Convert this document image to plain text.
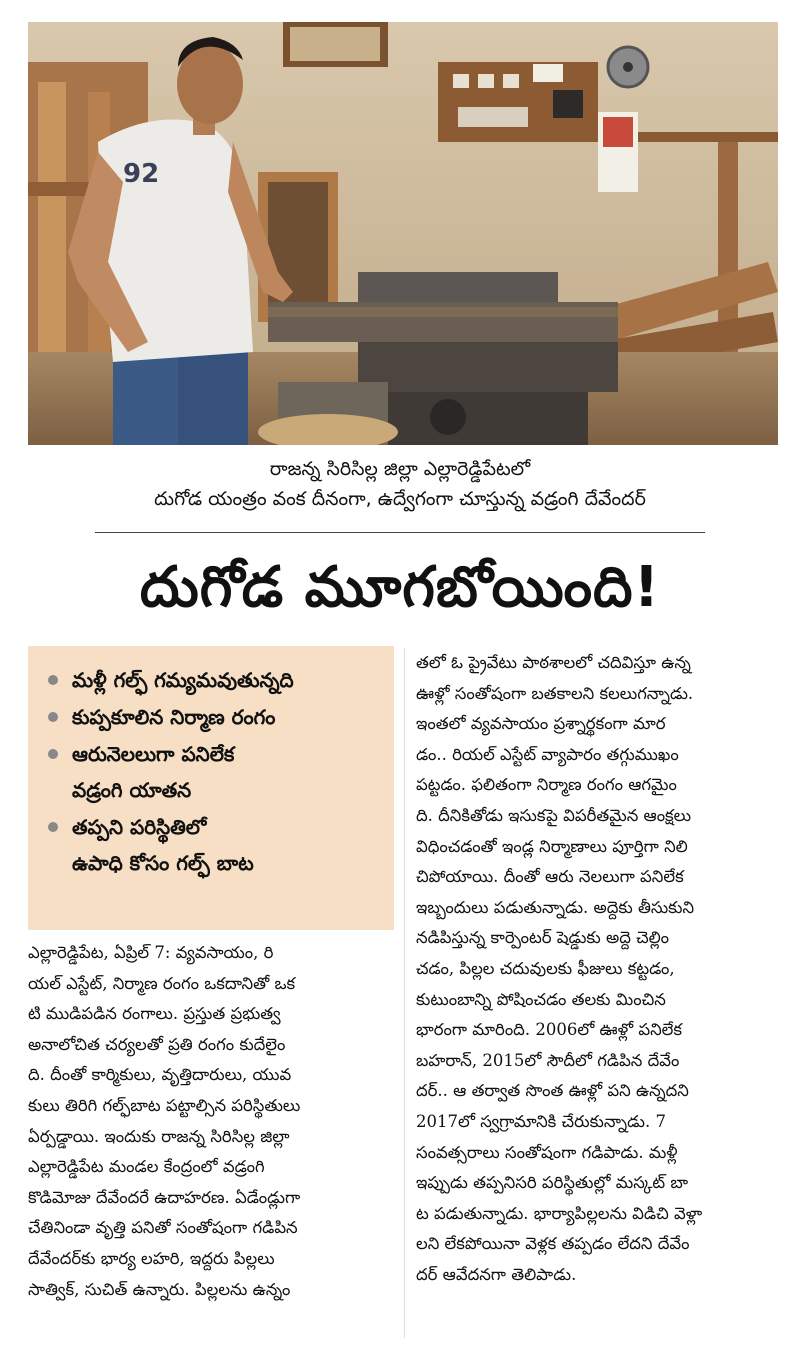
92
రాజన్న సిరిసిల్ల జిల్లా ఎల్లారెడ్డిపేటలో
దుగోడ యంత్రం వంక దీనంగా, ఉద్వేగంగా చూస్తున్న వడ్రంగి దేవేందర్
దుగోడ మూగబోయింది!
మళ్లీ గల్ఫ్ గమ్యమవుతున్నది
కుప్పకూలిన నిర్మాణ రంగం
ఆరునెలలుగా పనిలేక
వడ్రంగి యాతన
తప్పని పరిస్థితిలో
ఉపాధి కోసం గల్ఫ్ బాట

ఎల్లారెడ్డిపేట, ఏప్రిల్ 7: వ్యవసాయం, రి

యల్ ఎస్టేట్, నిర్మాణ రంగం ఒకదానితో ఒక

టి ముడిపడిన రంగాలు. ప్రస్తుత ప్రభుత్వ

అనాలోచిత చర్యలతో ప్రతి రంగం కుదేలైం

ది. దీంతో కార్మికులు, వృత్తిదారులు, యువ

కులు తిరిగి గల్ఫ్‌బాట పట్టాల్సిన పరిస్థితులు

ఏర్పడ్డాయి. ఇందుకు రాజన్న సిరిసిల్ల జిల్లా

ఎల్లారెడ్డిపేట మండల కేంద్రంలో వడ్రంగి

కొడిమోజు దేవేందరే ఉదాహరణ. ఏడేండ్లుగా

చేతినిండా వృత్తి పనితో సంతోషంగా గడిపిన

దేవేందర్‌కు భార్య లహరి, ఇద్దరు పిల్లలు

సాత్విక్, సుచిత్ ఉన్నారు. పిల్లలను ఉన్నం

తలో ఓ ప్రైవేటు పాఠశాలలో చదివిస్తూ ఉన్న

ఊళ్లో సంతోషంగా బతకాలని కలలుగన్నాడు.

ఇంతలో వ్యవసాయం ప్రశ్నార్థకంగా మార

డం.. రియల్ ఎస్టేట్ వ్యాపారం తగ్గుముఖం

పట్టడం. ఫలితంగా నిర్మాణ రంగం ఆగమైం

ది. దీనికితోడు ఇసుకపై విపరీతమైన ఆంక్షలు

విధించడంతో ఇండ్ల నిర్మాణాలు పూర్తిగా నిలి

చిపోయాయి. దీంతో ఆరు నెలలుగా పనిలేక

ఇబ్బందులు పడుతున్నాడు. అద్దెకు తీసుకుని

నడిపిస్తున్న కార్పెంటర్ షెడ్డుకు అద్దె చెల్లిం

చడం, పిల్లల చదువులకు ఫీజులు కట్టడం,

కుటుంబాన్ని పోషించడం తలకు మించిన

భారంగా మారింది. 2006లో ఊళ్లో పనిలేక

బహరాన్, 2015లో సౌదీలో గడిపిన దేవేం

దర్.. ఆ తర్వాత సొంత ఊళ్లో పని ఉన్నదని

2017లో స్వగ్రామానికి చేరుకున్నాడు. 7

సంవత్సరాలు సంతోషంగా గడిపాడు. మళ్లీ

ఇప్పుడు తప్పనిసరి పరిస్థితుల్లో మస్కట్ బా

ట పడుతున్నాడు. భార్యాపిల్లలను విడిచి వెళ్లా

లని లేకపోయినా వెళ్లక తప్పడం లేదని దేవేం

దర్ ఆవేదనగా తెలిపాడు.
